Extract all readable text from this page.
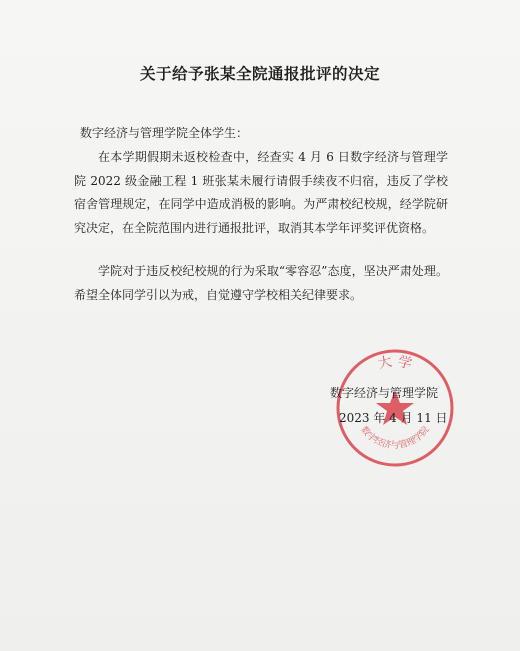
关于给予张某全院通报批评的决定
数字经济与管理学院全体学生：
在本学期假期未返校检查中，经查实 4 月 6 日数字经济与管理学院 2022 级金融工程 1 班张某未履行请假手续夜不归宿，违反了学校宿舍管理规定，在同学中造成消极的影响。为严肃校纪校规，经学院研究决定，在全院范围内进行通报批评，取消其本学年评奖评优资格。
学院对于违反校纪校规的行为采取“零容忍”态度，坚决严肃处理。希望全体同学引以为戒，自觉遵守学校相关纪律要求。
大 学
数字经济与管理学院
数字经济与管理学院
2023 年 4 月 11 日
